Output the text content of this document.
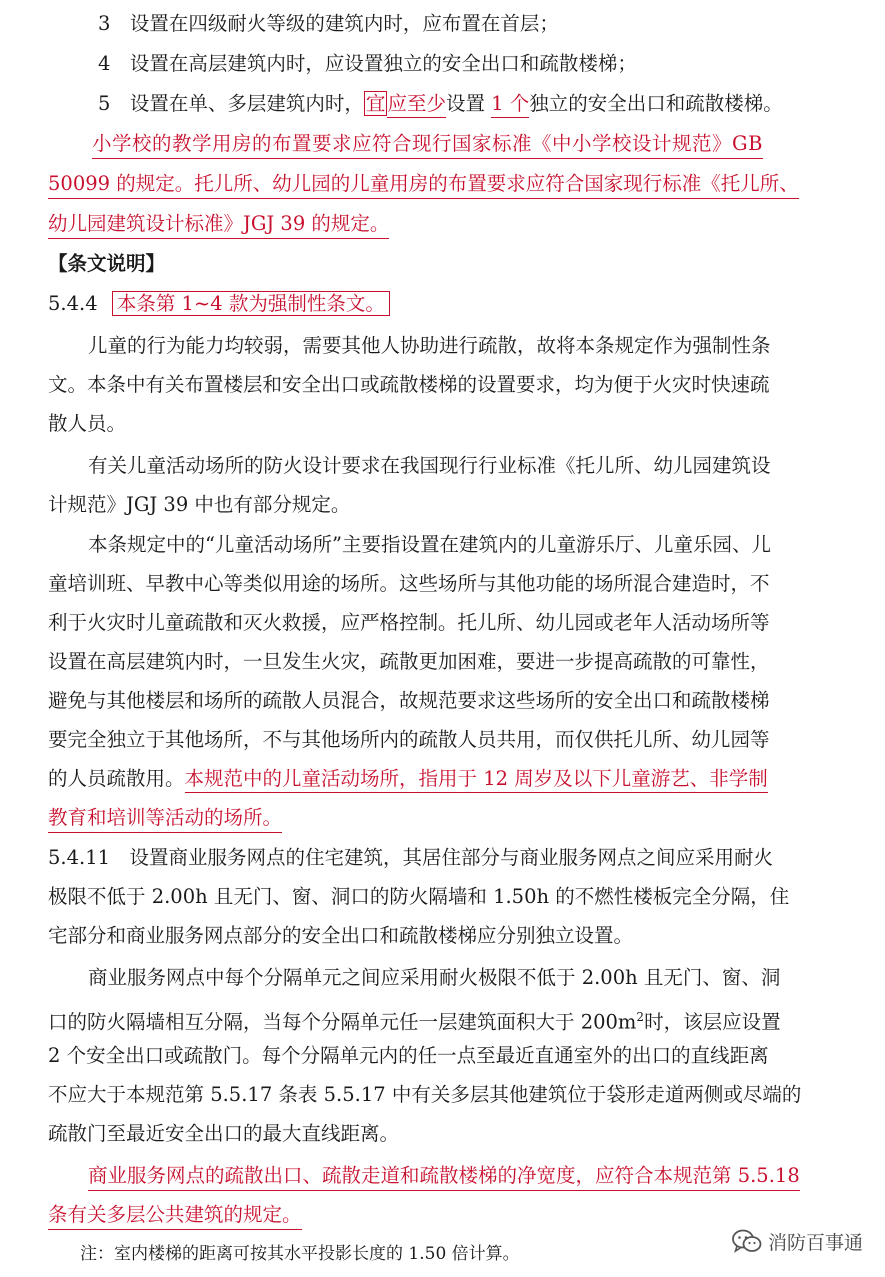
3　设置在四级耐火等级的建筑内时，应布置在首层；
4　设置在高层建筑内时，应设置独立的安全出口和疏散楼梯；
5　设置在单、多层建筑内时， 宜 应至少设置 1 个独立的安全出口和疏散楼梯。
小学校的教学用房的布置要求应符合现行国家标准《中小学校设计规范》GB
50099 的规定。托儿所、幼儿园的儿童用房的布置要求应符合国家现行标准《托儿所、
幼儿园建筑设计标准》JGJ 39 的规定。
【条文说明】
5.4.4 本条第 1~4 款为强制性条文。
儿童的行为能力均较弱，需要其他人协助进行疏散，故将本条规定作为强制性条
文。本条中有关布置楼层和安全出口或疏散楼梯的设置要求，均为便于火灾时快速疏
散人员。
有关儿童活动场所的防火设计要求在我国现行行业标准《托儿所、幼儿园建筑设
计规范》JGJ 39 中也有部分规定。
本条规定中的“儿童活动场所”主要指设置在建筑内的儿童游乐厅、儿童乐园、儿
童培训班、早教中心等类似用途的场所。这些场所与其他功能的场所混合建造时，不
利于火灾时儿童疏散和灭火救援，应严格控制。托儿所、幼儿园或老年人活动场所等
设置在高层建筑内时，一旦发生火灾，疏散更加困难，要进一步提高疏散的可靠性，
避免与其他楼层和场所的疏散人员混合，故规范要求这些场所的安全出口和疏散楼梯
要完全独立于其他场所，不与其他场所内的疏散人员共用，而仅供托儿所、幼儿园等
的人员疏散用。本规范中的儿童活动场所，指用于 12 周岁及以下儿童游艺、非学制
教育和培训等活动的场所。
5.4.11　设置商业服务网点的住宅建筑，其居住部分与商业服务网点之间应采用耐火
极限不低于 2.00h 且无门、窗、洞口的防火隔墙和 1.50h 的不燃性楼板完全分隔，住
宅部分和商业服务网点部分的安全出口和疏散楼梯应分别独立设置。
商业服务网点中每个分隔单元之间应采用耐火极限不低于 2.00h 且无门、窗、洞
口的防火隔墙相互分隔，当每个分隔单元任一层建筑面积大于 $200m^2$时，该层应设置
2 个安全出口或疏散门。每个分隔单元内的任一点至最近直通室外的出口的直线距离
不应大于本规范第 5.5.17 条表 5.5.17 中有关多层其他建筑位于袋形走道两侧或尽端的
疏散门至最近安全出口的最大直线距离。
商业服务网点的疏散出口、疏散走道和疏散楼梯的净宽度，应符合本规范第 5.5.18
条有关多层公共建筑的规定。
注：室内楼梯的距离可按其水平投影长度的 1.50 倍计算。	消防百事通
